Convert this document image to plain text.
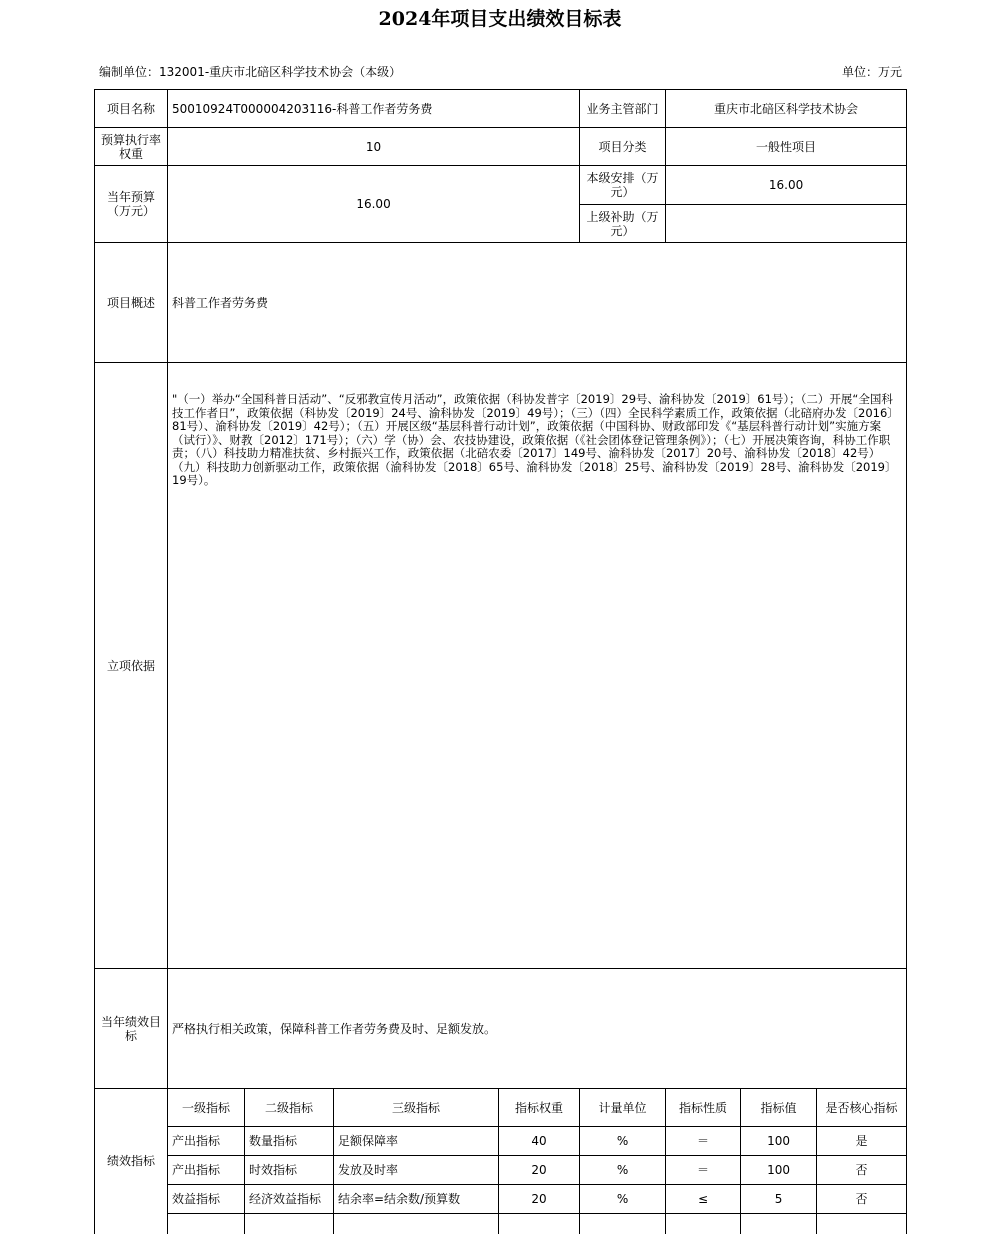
2024年项目支出绩效目标表
编制单位：132001-重庆市北碚区科学技术协会（本级）	单位：万元
项目名称	50010924T000004203116-科普工作者劳务费				业务主管部门	重庆市北碚区科学技术协会		
预算执行率权重	10				项目分类	一般性项目		
当年预算（万元）	16.00				本级安排（万元）	16.00		
					上级补助（万元）			
项目概述	科普工作者劳务费							
立项依据	"（一）举办“全国科普日活动”、“反邪教宣传月活动”，政策依据（科协发普字〔2019〕29号、渝科协发〔2019〕61号）；（二）开展“全国科技工作者日”，政策依据（科协发〔2019〕24号、渝科协发〔2019〕49号）；（三）（四）全民科学素质工作，政策依据（北碚府办发〔2016〕81号）、渝科协发〔2019〕42号）；（五）开展区级“基层科普行动计划”，政策依据（中国科协、财政部印发《“基层科普行动计划”实施方案（试行）》、财教〔2012〕171号）；（六）学（协）会、农技协建设，政策依据（《社会团体登记管理条例》）；（七）开展决策咨询，科协工作职责；（八）科技助力精准扶贫、乡村振兴工作，政策依据（北碚农委〔2017〕149号、渝科协发〔2017〕20号、渝科协发〔2018〕42号）（九）科技助力创新驱动工作，政策依据（渝科协发〔2018〕65号、渝科协发〔2018〕25号、渝科协发〔2019〕28号、渝科协发〔2019〕19号）。							
当年绩效目标	严格执行相关政策，保障科普工作者劳务费及时、足额发放。							
绩效指标	一级指标	二级指标	三级指标	指标权重	计量单位	指标性质	指标值	是否核心指标
	产出指标	数量指标	足额保障率	40	%	＝	100	是
	产出指标	时效指标	发放及时率	20	%	＝	100	否
	效益指标	经济效益指标	结余率=结余数/预算数	20	%	≤	5	否
